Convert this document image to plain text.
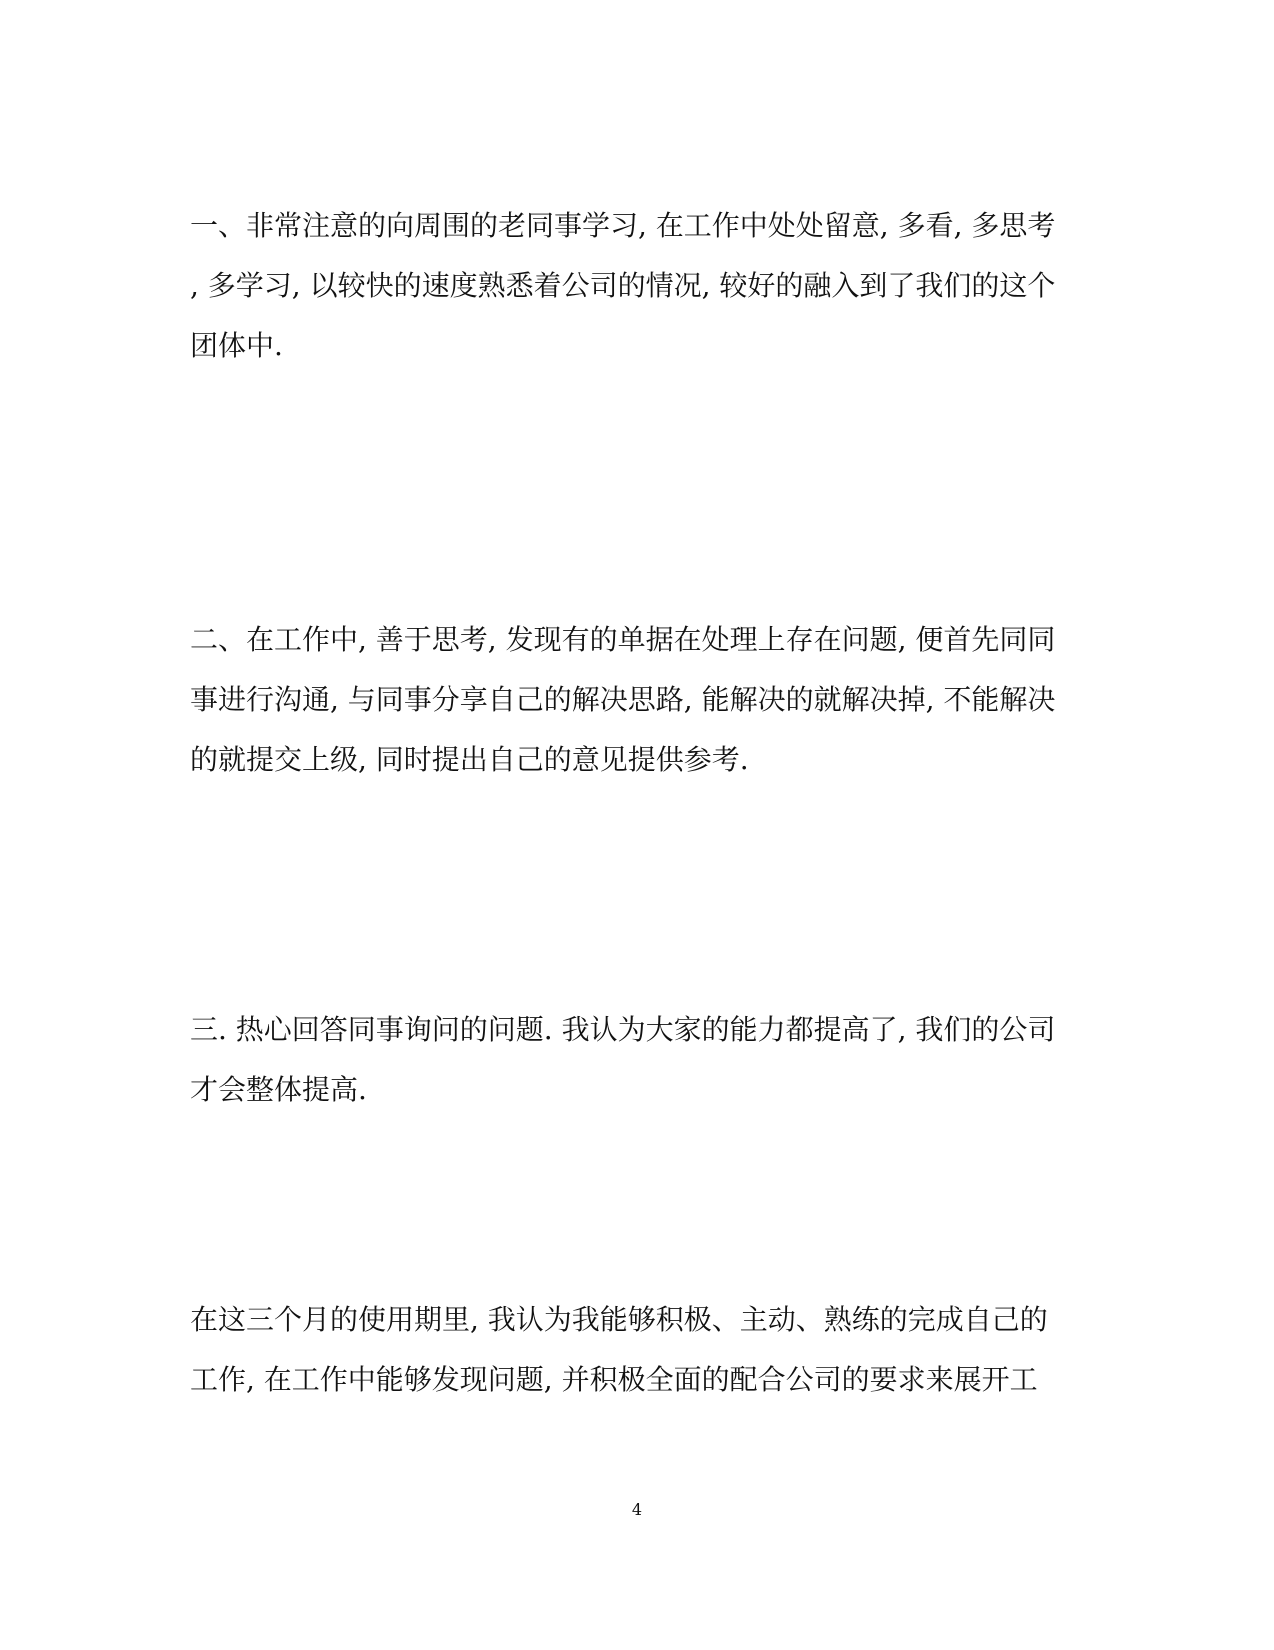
一、非常注意的向周围的老同事学习, 在工作中处处留意, 多看, 多思考
, 多学习, 以较快的速度熟悉着公司的情况, 较好的融入到了我们的这个
团体中.
二、在工作中, 善于思考, 发现有的单据在处理上存在问题, 便首先同同
事进行沟通, 与同事分享自己的解决思路, 能解决的就解决掉, 不能解决
的就提交上级, 同时提出自己的意见提供参考.
三. 热心回答同事询问的问题. 我认为大家的能力都提高了, 我们的公司
才会整体提高.
在这三个月的使用期里, 我认为我能够积极、主动、熟练的完成自己的
工作, 在工作中能够发现问题, 并积极全面的配合公司的要求来展开工
4
